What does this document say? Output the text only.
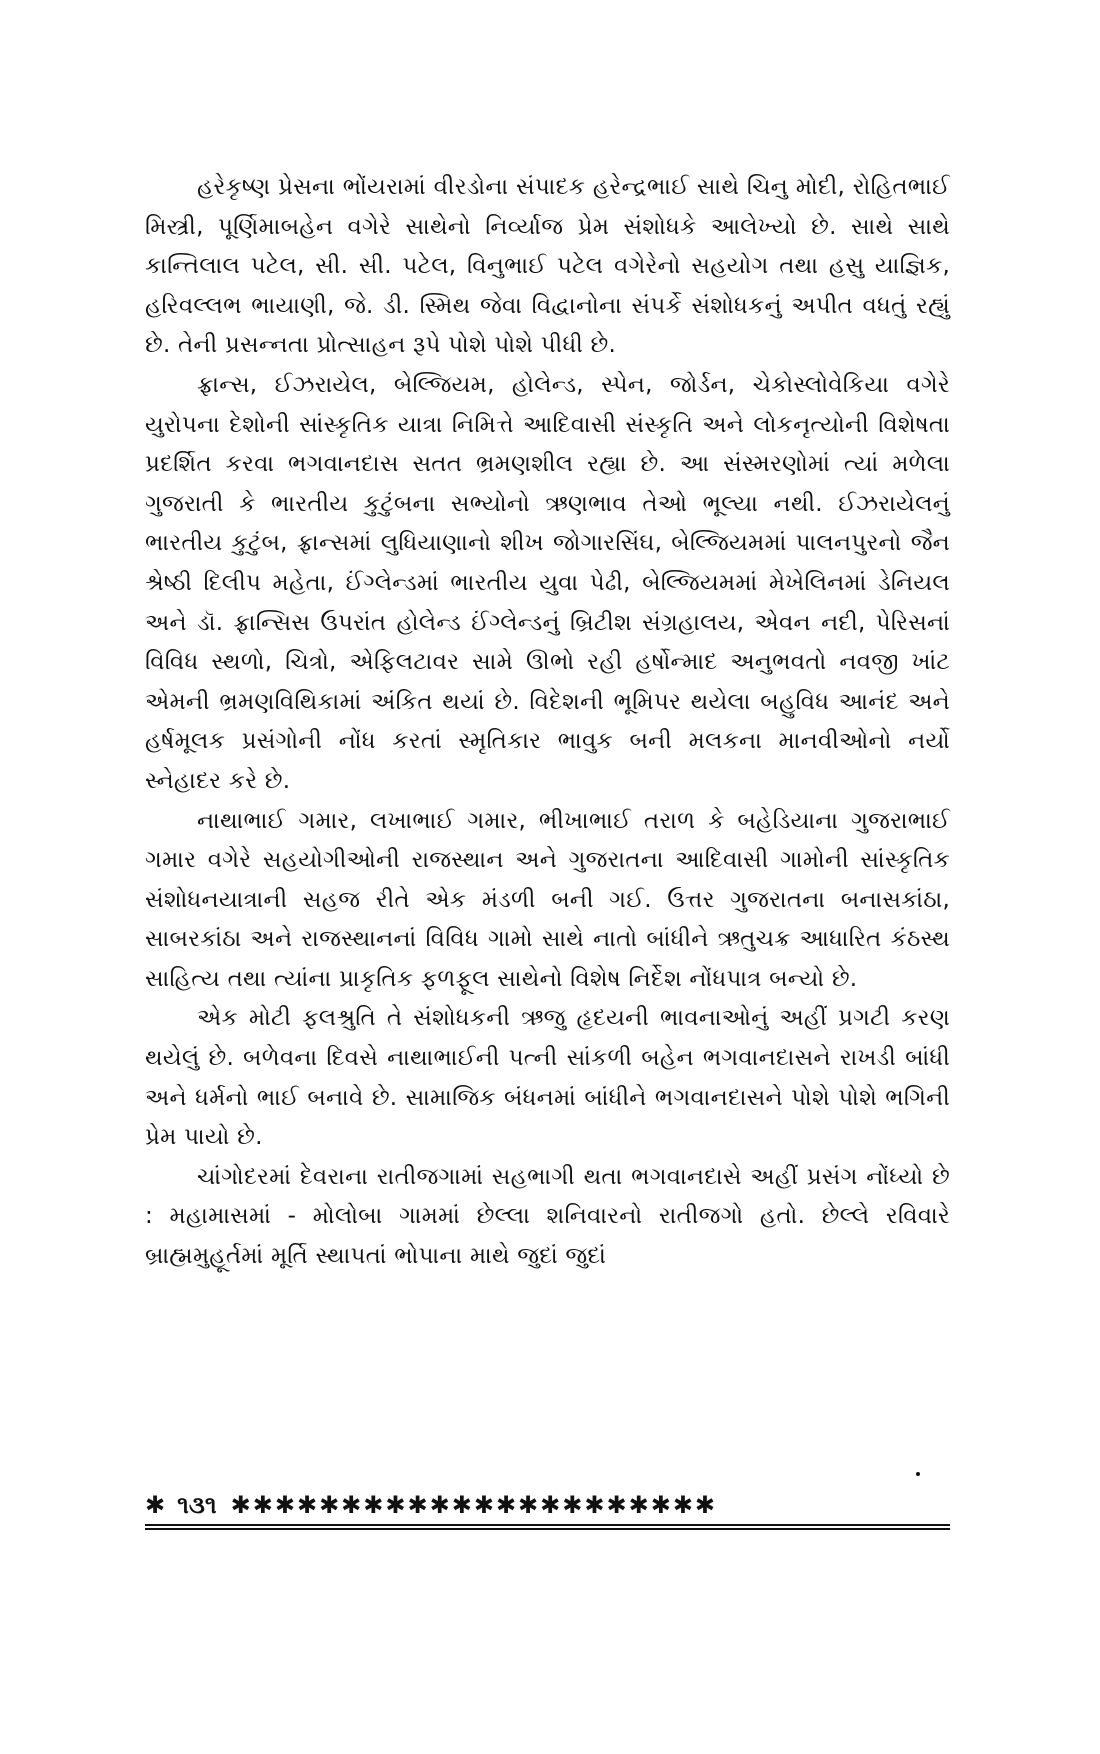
હરેકૃષ્ણ પ્રેસના ભોંયરામાં વીરડોના સંપાદક હરેન્દ્રભાઈ સાથે ચિનુ મોદી, રોહિતભાઈ મિસ્ત્રી, પૂર્ણિમાબહેન વગેરે સાથેનો નિર્વ્યાજ પ્રેમ સંશોધકે આલેખ્યો છે. સાથે સાથે કાન્તિલાલ પટેલ, સી. સી. પટેલ, વિનુભાઈ પટેલ વગેરેનો સહયોગ તથા હસુ યાજ્ઞિક, હરિવલ્લભ ભાયાણી, જે. ડી. સ્મિથ જેવા વિદ્વાનોના સંપર્કે સંશોધકનું અપીત વધતું રહ્યું છે. તેની પ્રસન્નતા પ્રોત્સાહન રૂપે પોશે પોશે પીધી છે.

ફ્રાન્સ, ઈઝરાયેલ, બેલ્જિયમ, હોલેન્ડ, સ્પેન, જોર્ડન, ચેકોસ્લોવેકિયા વગેરે યુરોપના દેશોની સાંસ્કૃતિક યાત્રા નિમિત્તે આદિવાસી સંસ્કૃતિ અને લોકનૃત્યોની વિશેષતા પ્રદર્શિત કરવા ભગવાનદાસ સતત ભ્રમણશીલ રહ્યા છે. આ સંસ્મરણોમાં ત્યાં મળેલા ગુજરાતી કે ભારતીય કુટુંબના સભ્યોનો ઋણભાવ તેઓ ભૂલ્યા નથી. ઈઝરાયેલનું ભારતીય કુટુંબ, ફ્રાન્સમાં લુધિયાણાનો શીખ જોગારસિંઘ, બેલ્જિયમમાં પાલનપુરનો જૈન શ્રેષ્ઠી દિલીપ મહેતા, ઈંગ્લેન્ડમાં ભારતીય યુવા પેઢી, બેલ્જિયમમાં મેખેલિનમાં ડેનિયલ અને ડૉ. ફ્રાન્સિસ ઉપરાંત હોલેન્ડ ઈંગ્લેન્ડનું બ્રિટીશ સંગ્રહાલય, એવન નદી, પેરિસનાં વિવિધ સ્થળો, ચિત્રો, એફિલટાવર સામે ઊભો રહી હર્ષોન્માદ અનુભવતો નવજી ખાંટ એમની ભ્રમણવિથિકામાં અંકિત થયાં છે. વિદેશની ભૂમિપર થયેલા બહુવિધ આનંદ અને હર્ષમૂલક પ્રસંગોની નોંધ કરતાં સ્મૃતિકાર ભાવુક બની મલકના માનવીઓનો નર્યો સ્નેહાદર કરે છે.

નાથાભાઈ ગમાર, લખાભાઈ ગમાર, ભીખાભાઈ તરાળ કે બહેડિયાના ગુજરાભાઈ ગમાર વગેરે સહયોગીઓની રાજસ્થાન અને ગુજરાતના આદિવાસી ગામોની સાંસ્કૃતિક સંશોધનયાત્રાની સહજ રીતે એક મંડળી બની ગઈ. ઉત્તર ગુજરાતના બનાસકાંઠા, સાબરકાંઠા અને રાજસ્થાનનાં વિવિધ ગામો સાથે નાતો બાંધીને ઋતુચક્ર આધારિત કંઠસ્થ સાહિત્ય તથા ત્યાંના પ્રાકૃતિક ફળફૂલ સાથેનો વિશેષ નિર્દેશ નોંધપાત્ર બન્યો છે.

એક મોટી ફલશ્રુતિ તે સંશોધકની ઋજુ હૃદયની ભાવનાઓનું અહીં પ્રગટી કરણ થયેલું છે. બળેવના દિવસે નાથાભાઈની પત્ની સાંકળી બહેન ભગવાનદાસને રાખડી બાંધી અને ધર્મનો ભાઈ બનાવે છે. સામાજિક બંધનમાં બાંધીને ભગવાનદાસને પોશે પોશે ભગિની પ્રેમ પાયો છે.

ચાંગોદરમાં દેવરાના રાતીજગામાં સહભાગી થતા ભગવાનદાસે અહીં પ્રસંગ નોંધ્યો છે : મહામાસમાં - મોલોબા ગામમાં છેલ્લા શનિવારનો રાતીજગો હતો. છેલ્લે રવિવારે બ્રાહ્મમુહૂર્તમાં મૂર્તિ સ્થાપતાં ભોપાના માથે જુદાં જુદાં

✱ ૧૩૧ ✱✱✱✱✱✱✱✱✱✱✱✱✱✱✱✱✱✱✱✱✱✱
